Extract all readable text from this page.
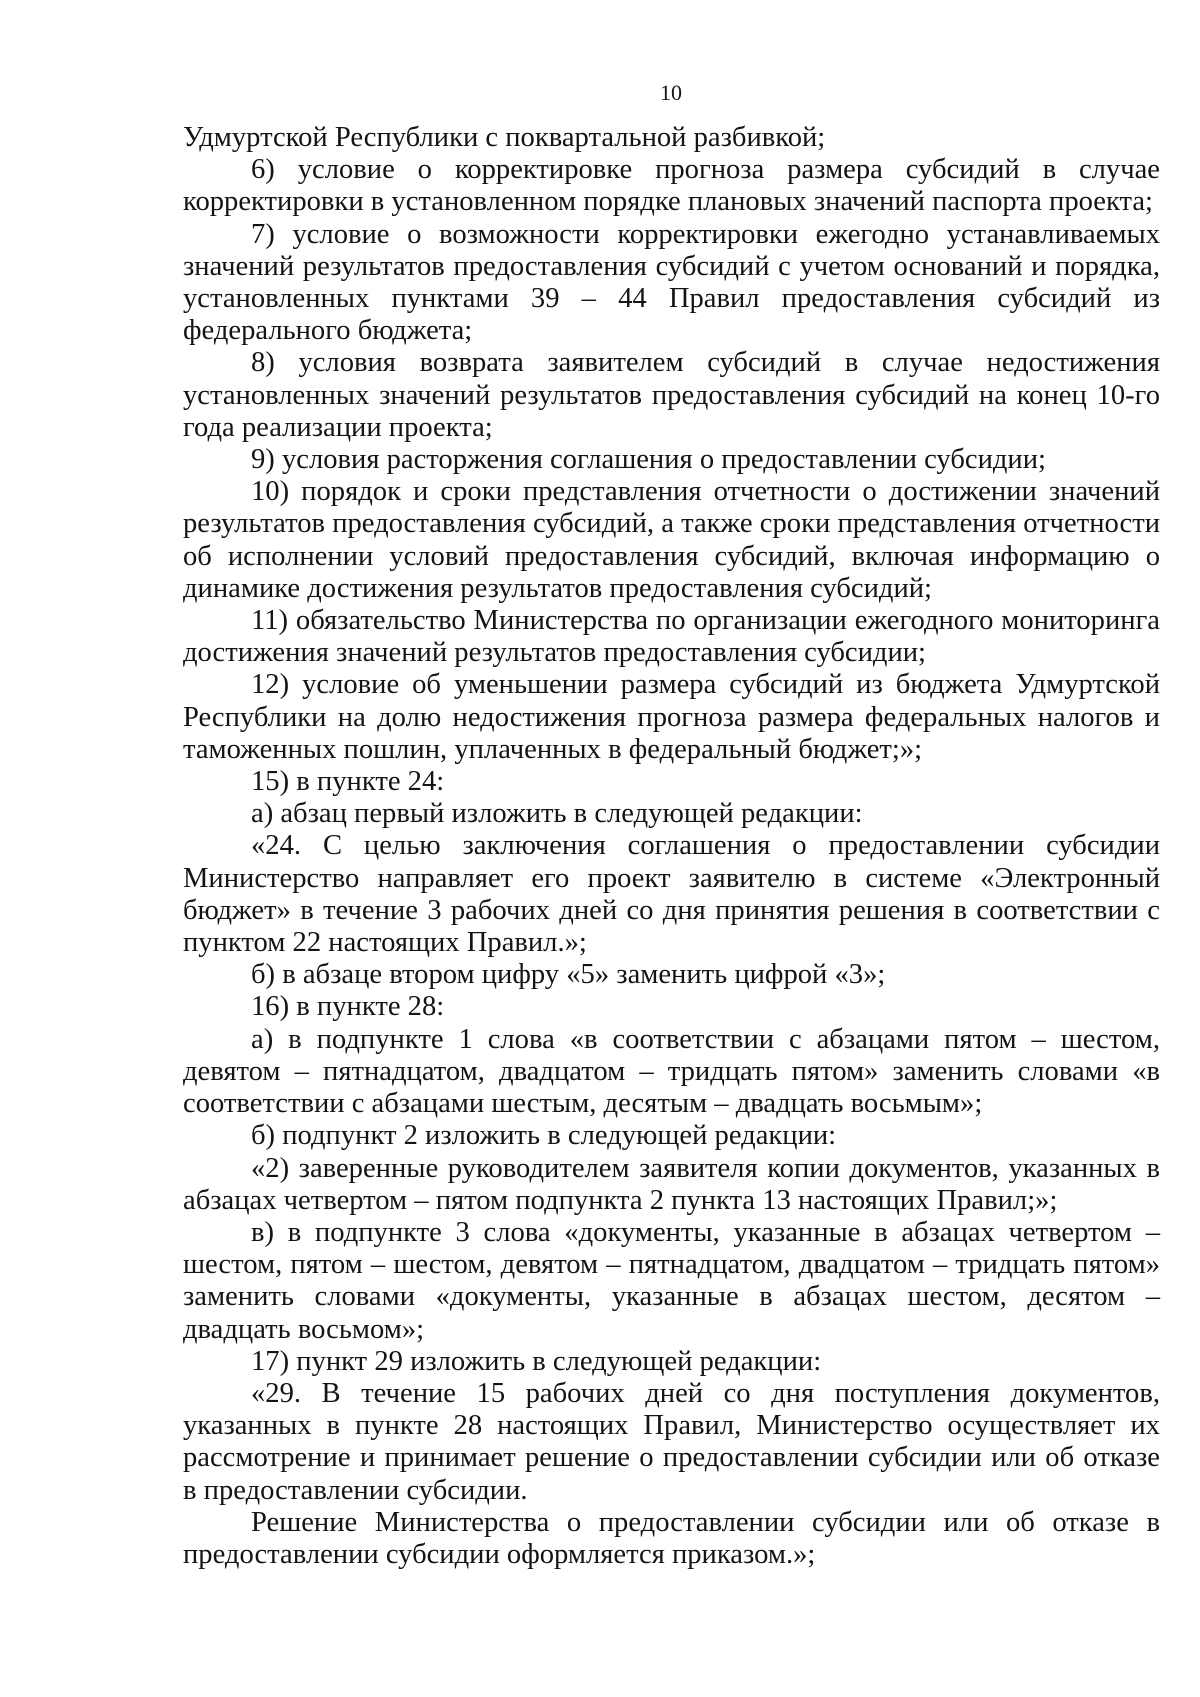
10

Удмуртской Республики с поквартальной разбивкой;

6) условие о корректировке прогноза размера субсидий в случае корректировки в установленном порядке плановых значений паспорта проекта;

7) условие о возможности корректировки ежегодно устанавливаемых значений результатов предоставления субсидий с учетом оснований и порядка, установленных пунктами 39 – 44 Правил предоставления субсидий из федерального бюджета;

8) условия возврата заявителем субсидий в случае недостижения установленных значений результатов предоставления субсидий на конец 10-го года реализации проекта;

9) условия расторжения соглашения о предоставлении субсидии;

10) порядок и сроки представления отчетности о достижении значений результатов предоставления субсидий, а также сроки представления отчетности об исполнении условий предоставления субсидий, включая информацию о динамике достижения результатов предоставления субсидий;

11) обязательство Министерства по организации ежегодного мониторинга достижения значений результатов предоставления субсидии;

12) условие об уменьшении размера субсидий из бюджета Удмуртской Республики на долю недостижения прогноза размера федеральных налогов и таможенных пошлин, уплаченных в федеральный бюджет;»;

15) в пункте 24:

а) абзац первый изложить в следующей редакции:

«24. С целью заключения соглашения о предоставлении субсидии Министерство направляет его проект заявителю в системе «Электронный бюджет» в течение 3 рабочих дней со дня принятия решения в соответствии с пунктом 22 настоящих Правил.»;

б) в абзаце втором цифру «5» заменить цифрой «3»;

16) в пункте 28:

а) в подпункте 1 слова «в соответствии с абзацами пятом – шестом, девятом – пятнадцатом, двадцатом – тридцать пятом» заменить словами «в соответствии с абзацами шестым, десятым – двадцать восьмым»;

б) подпункт 2 изложить в следующей редакции:

«2) заверенные руководителем заявителя копии документов, указанных в абзацах четвертом – пятом подпункта 2 пункта 13 настоящих Правил;»;

в) в подпункте 3 слова «документы, указанные в абзацах четвертом – шестом, пятом – шестом, девятом – пятнадцатом, двадцатом – тридцать пятом» заменить словами «документы, указанные в абзацах шестом, десятом – двадцать восьмом»;

17) пункт 29 изложить в следующей редакции:

«29. В течение 15 рабочих дней со дня поступления документов, указанных в пункте 28 настоящих Правил, Министерство осуществляет их рассмотрение и принимает решение о предоставлении субсидии или об отказе в предоставлении субсидии.

Решение Министерства о предоставлении субсидии или об отказе в предоставлении субсидии оформляется приказом.»;
